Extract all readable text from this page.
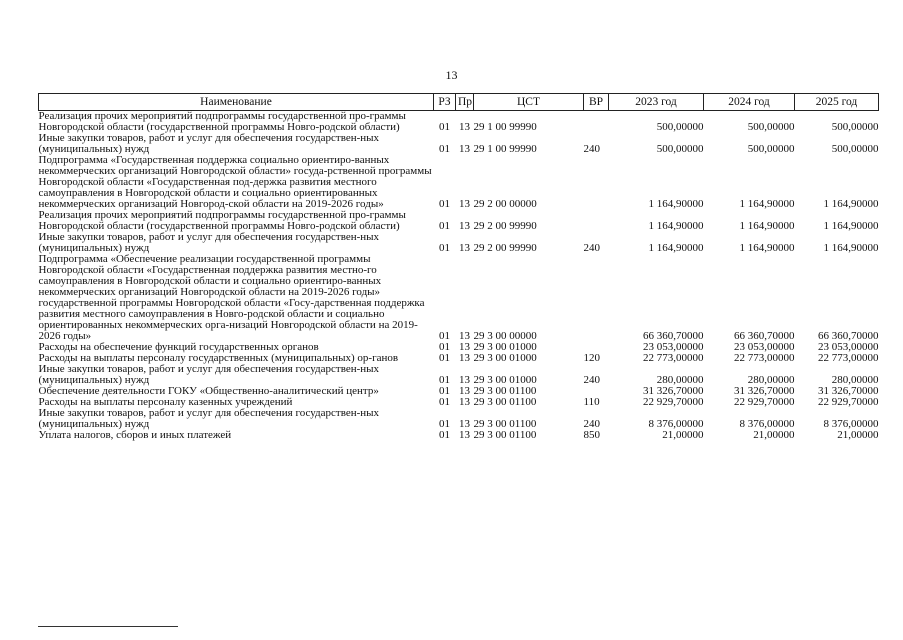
13
Наименование	РЗ	Пр	ЦСТ	ВР	2023 год	2024 год	2025 год
Реализация прочих мероприятий подпрограммы государственной про-граммы Новгородской области (государственной программы Новго-родской области)	01	13	29 1 00 99990		500,00000	500,00000	500,00000
Иные закупки товаров, работ и услуг для обеспечения государствен-ных (муниципальных) нужд	01	13	29 1 00 99990	240	500,00000	500,00000	500,00000
Подпрограмма «Государственная поддержка социально ориентиро-ванных некоммерческих организаций Новгородской области» госуда-рственной программы Новгородской области «Государственная под-держка развития местного самоуправления в Новгородской области и социально ориентированных некоммерческих организаций Новгород-ской области на 2019-2026 годы»	01	13	29 2 00 00000		1 164,90000	1 164,90000	1 164,90000
Реализация прочих мероприятий подпрограммы государственной про-граммы Новгородской области (государственной программы Новго-родской области)	01	13	29 2 00 99990		1 164,90000	1 164,90000	1 164,90000
Иные закупки товаров, работ и услуг для обеспечения государствен-ных (муниципальных) нужд	01	13	29 2 00 99990	240	1 164,90000	1 164,90000	1 164,90000
Подпрограмма «Обеспечение реализации государственной программы Новгородской области «Государственная поддержка развития местно-го самоуправления в Новгородской области и социально ориентиро-ванных некоммерческих организаций Новгородской области на 2019-2026 годы» государственной программы Новгородской области «Госу-дарственная поддержка развития местного самоуправления в Новго-родской области и социально ориентированных некоммерческих орга-низаций Новгородской области на 2019-2026 годы»	01	13	29 3 00 00000		66 360,70000	66 360,70000	66 360,70000
Расходы на обеспечение функций государственных органов	01	13	29 3 00 01000		23 053,00000	23 053,00000	23 053,00000
Расходы на выплаты персоналу государственных (муниципальных) ор-ганов	01	13	29 3 00 01000	120	22 773,00000	22 773,00000	22 773,00000
Иные закупки товаров, работ и услуг для обеспечения государствен-ных (муниципальных) нужд	01	13	29 3 00 01000	240	280,00000	280,00000	280,00000
Обеспечение деятельности ГОКУ «Общественно-аналитический центр»	01	13	29 3 00 01100		31 326,70000	31 326,70000	31 326,70000
Расходы на выплаты персоналу казенных учреждений	01	13	29 3 00 01100	110	22 929,70000	22 929,70000	22 929,70000
Иные закупки товаров, работ и услуг для обеспечения государствен-ных (муниципальных) нужд	01	13	29 3 00 01100	240	8 376,00000	8 376,00000	8 376,00000
Уплата налогов, сборов и иных платежей	01	13	29 3 00 01100	850	21,00000	21,00000	21,00000
